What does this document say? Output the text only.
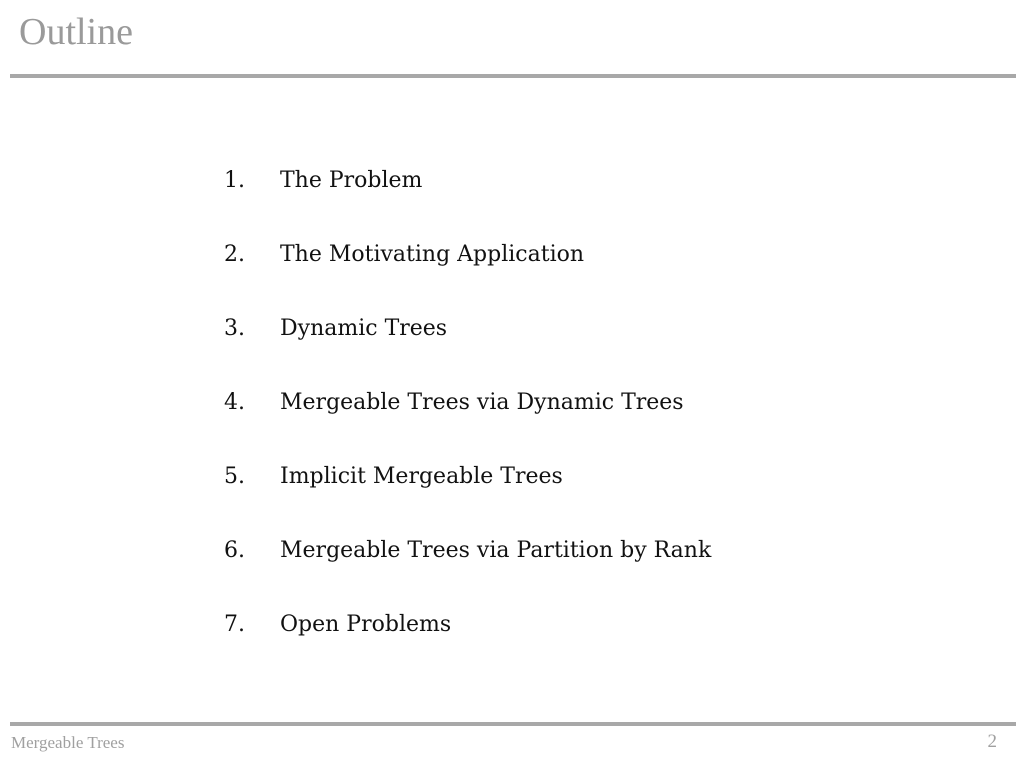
Outline
1.	The Problem
2.	The Motivating Application
3.	Dynamic Trees
4.	Mergeable Trees via Dynamic Trees
5.	Implicit Mergeable Trees
6.	Mergeable Trees via Partition by Rank
7.	Open Problems
Mergeable Trees	2
